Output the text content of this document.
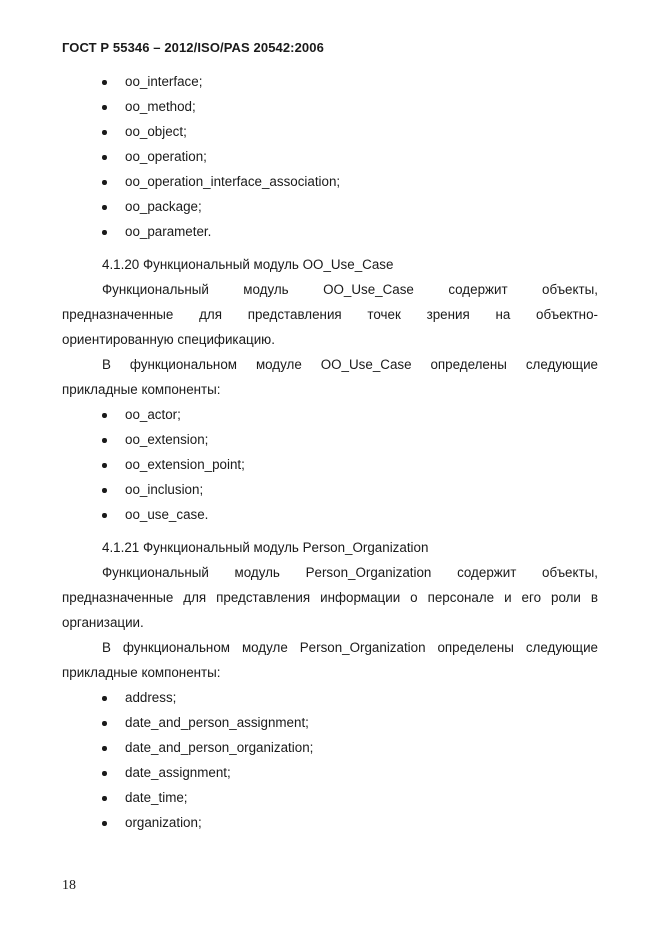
ГОСТ Р 55346 – 2012/ISO/PAS 20542:2006
oo_interface;
oo_method;
oo_object;
oo_operation;
oo_operation_interface_association;
oo_package;
oo_parameter.
4.1.20 Функциональный модуль OO_Use_Case
Функциональный модуль OO_Use_Case содержит объекты,
предназначенные для представления точек зрения на объектно-
ориентированную спецификацию.
В функциональном модуле OO_Use_Case определены следующие
прикладные компоненты:
oo_actor;
oo_extension;
oo_extension_point;
oo_inclusion;
oo_use_case.
4.1.21 Функциональный модуль Person_Organization
Функциональный модуль Person_Organization содержит объекты,
предназначенные для представления информации о персонале и его роли в
организации.
В функциональном модуле Person_Organization определены следующие
прикладные компоненты:
address;
date_and_person_assignment;
date_and_person_organization;
date_assignment;
date_time;
organization;
18
